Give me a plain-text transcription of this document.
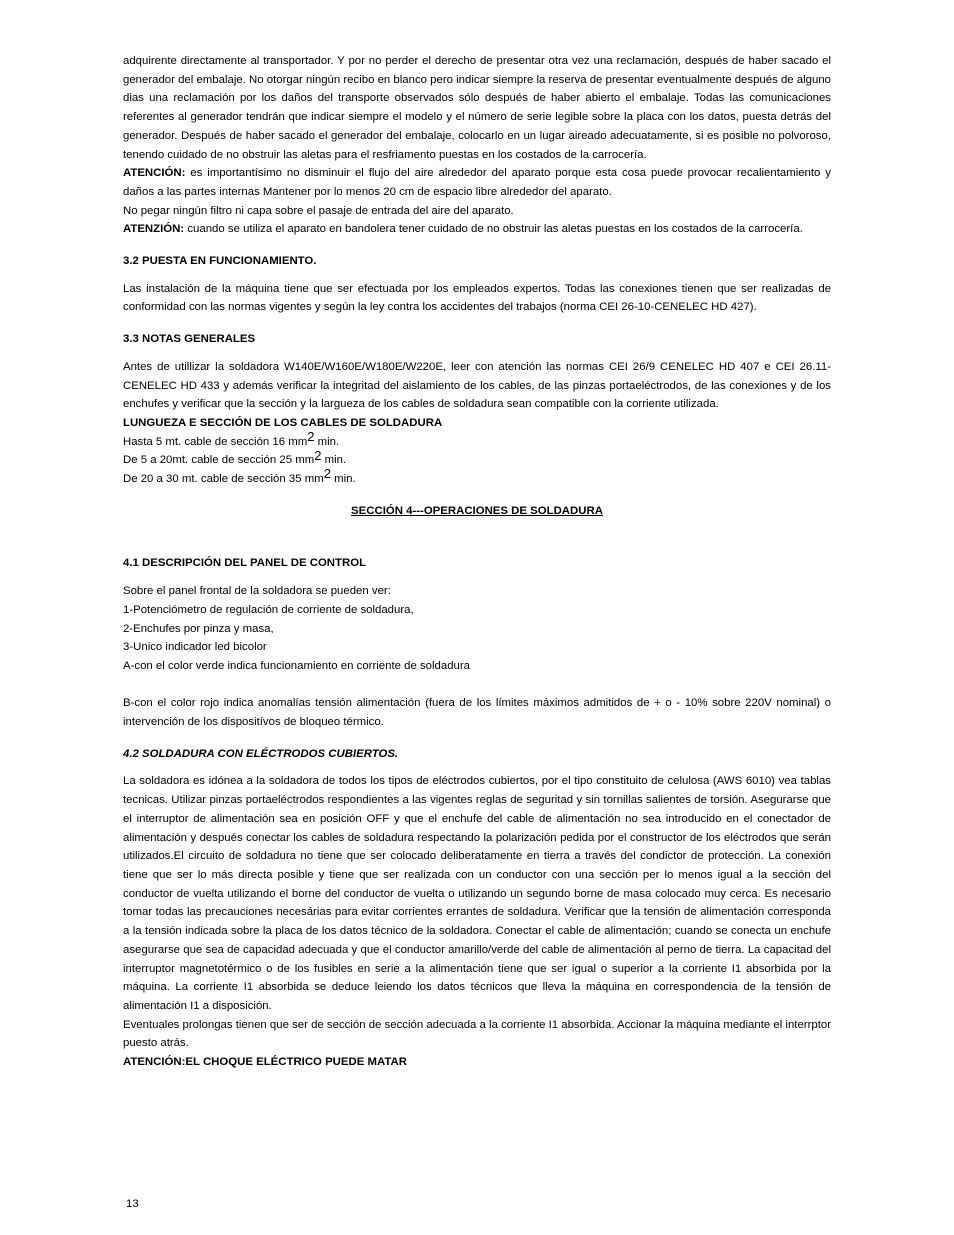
adquirente directamente al transportador. Y por no perder el derecho de presentar otra vez una reclamación, después de haber sacado el generador del embalaje. No otorgar ningún recibo en blanco pero indicar siempre la reserva de presentar eventualmente después de alguno dias una reclamación por los daños del transporte observados sólo después de haber abierto el embalaje. Todas las comunicaciones referentes al generador tendrán que indicar siempre el modelo y el número de serie legible sobre la placa con los datos, puesta detrás del generador. Después de haber sacado el generador del embalaje, colocarlo en un lugar aireado adecuatamente, si es posible no polvoroso, tenendo cuidado de no obstruir las aletas para el resfriamento puestas en los costados de la carrocería.

ATENCIÓN: es importantísimo no disminuir el flujo del aire alrededor del aparato porque esta cosa puede provocar recalientamiento y daños a las partes internas Mantener por lo menos 20 cm de espacio libre alrededor del aparato.

No pegar ningún filtro ni capa sobre el pasaje de entrada del aire del aparato.

ATENZIÓN: cuando se utiliza el aparato en bandolera tener cuidado de no obstruir las aletas puestas en los costados de la carrocería.

3.2 PUESTA EN FUNCIONAMIENTO.

Las instalación de la máquina tiene que ser efectuada por los empleados expertos. Todas las conexiones tienen que ser realizadas de conformidad con las normas vigentes y según la ley contra los accidentes del trabajos (norma CEI 26-10-CENELEC HD 427).

3.3 NOTAS GENERALES

Antes de utillizar la soldadora W140E/W160E/W180E/W220E, leer con atención las normas CEI 26/9 CENELEC HD 407 e CEI 26.11- CENELEC HD 433 y además verificar la integritad del aislamiento de los cables, de las pinzas portaeléctrodos, de las conexiones y de los enchufes y verificar que la sección y la largueza de los cables de soldadura sean compatible con la corriente utilizada.

LUNGUEZA E SECCIÓN DE LOS CABLES DE SOLDADURA

Hasta 5 mt. cable de sección 16 $mm^2$ min.
De 5 a 20mt. cable de sección 25 $mm^2$ min.
De 20 a 30 mt. cable de sección 35 $mm^2$ min.

SECCIÓN 4---OPERACIONES DE SOLDADURA

4.1 DESCRIPCIÓN DEL PANEL DE CONTROL

Sobre el panel frontal de la soldadora se pueden ver:
1-Potenciómetro de regulación de corriente de soldadura,
2-Enchufes por pinza y masa,
3-Unico indicador led bicolor
A-con el color verde indica funcionamiento en corriente de soldadura

B-con el color rojo indica anomalías tensión alimentación (fuera de los límites máximos admitidos de + o - 10% sobre 220V nominal) o intervención de los dispositívos de bloqueo térmico.

4.2 SOLDADURA CON ELÉCTRODOS CUBIERTOS.

La soldadora es idónea a la soldadora de todos los tipos de eléctrodos cubiertos, por el tipo constituito de celulosa (AWS 6010) vea tablas tecnicas. Utilizar pinzas portaeléctrodos respondientes a las vigentes reglas de seguritad y sin tornillas salientes de torsión. Asegurarse que el interruptor de alimentación sea en posición OFF y que el enchufe del cable de alimentación no sea introducido en el conectador de alimentación y después conectar los cables de soldadura respectando la polarización pedida por el constructor de los eléctrodos que serán utilizados.El circuito de soldadura no tiene que ser colocado deliberatamente en tierra a través del condictor de protección. La conexión tiene que ser lo más directa posible y tiene que ser realizada con un conductor con una sección per lo menos igual a la sección del conductor de vuelta utilizando el borne del conductor de vuelta o utilizando un segundo borne de masa colocado muy cerca. Es necesario tomar todas las precauciones necesárias para evitar corrientes errantes de soldadura. Verificar que la tensión de alimentación corresponda a la tensión indicada sobre la placa de los datos técnico de la soldadora. Conectar el cable de alimentación; cuando se conecta un enchufe asegurarse que sea de capacidad adecuada y que el conductor amarillo/verde del cable de alimentación al perno de tierra. La capacitad del interruptor magnetotérmico o de los fusibles en serie a la alimentación tiene que ser igual o superior a la corriente I1 absorbida por la máquina. La corriente I1 absorbida se deduce leiendo los datos técnicos que lleva la máquina en correspondencia de la tensión de alimentación I1 a disposición.

Eventuales prolongas tienen que ser de sección de sección adecuada a la corriente I1 absorbida. Accionar la máquina mediante el interrptor puesto atrás.

ATENCIÓN:EL CHOQUE ELÉCTRICO PUEDE MATAR

13
